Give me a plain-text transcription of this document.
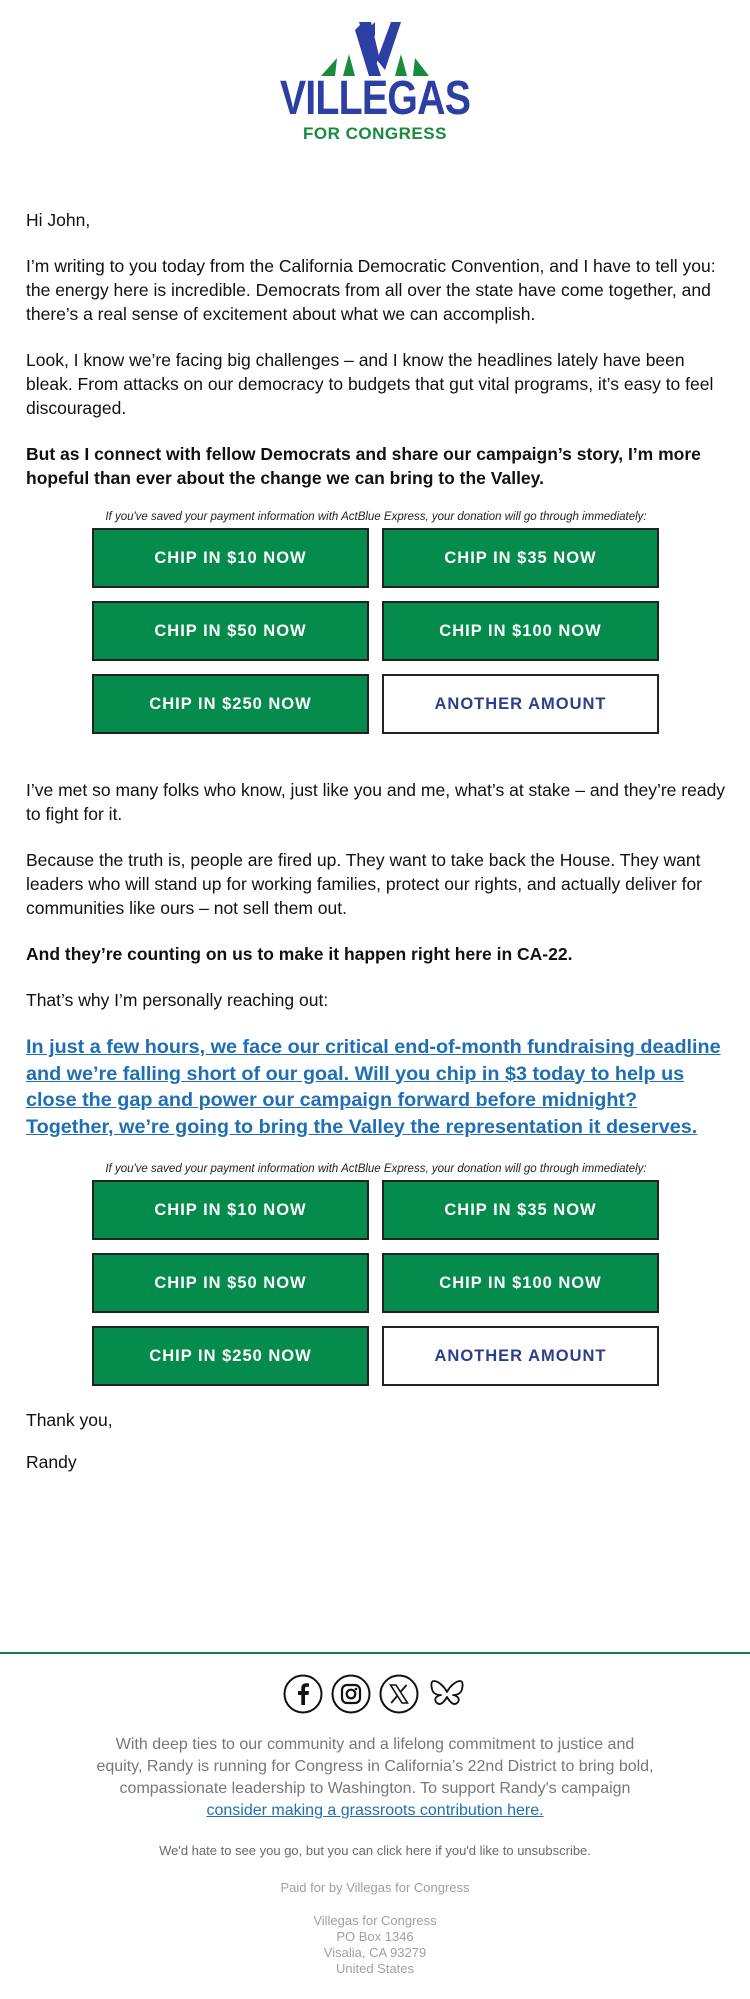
VILLEGAS
FOR CONGRESS

Hi John,

I’m writing to you today from the California Democratic Convention, and I have to tell you: the energy here is incredible. Democrats from all over the state have come together, and there’s a real sense of excitement about what we can accomplish.

Look, I know we’re facing big challenges – and I know the headlines lately have been bleak. From attacks on our democracy to budgets that gut vital programs, it’s easy to feel discouraged.

But as I connect with fellow Democrats and share our campaign’s story, I’m more hopeful than ever about the change we can bring to the Valley.

If you've saved your payment information with ActBlue Express, your donation will go through immediately:
CHIP IN $10 NOW	CHIP IN $35 NOW
CHIP IN $50 NOW	CHIP IN $100 NOW
CHIP IN $250 NOW	ANOTHER AMOUNT

I’ve met so many folks who know, just like you and me, what’s at stake – and they’re ready to fight for it.

Because the truth is, people are fired up. They want to take back the House. They want leaders who will stand up for working families, protect our rights, and actually deliver for communities like ours – not sell them out.

And they’re counting on us to make it happen right here in CA-22.

That’s why I’m personally reaching out:

In just a few hours, we face our critical end-of-month fundraising deadline and we’re falling short of our goal. Will you chip in $3 today to help us close the gap and power our campaign forward before midnight? Together, we’re going to bring the Valley the representation it deserves.
If you've saved your payment information with ActBlue Express, your donation will go through immediately:
CHIP IN $10 NOW	CHIP IN $35 NOW
CHIP IN $50 NOW	CHIP IN $100 NOW
CHIP IN $250 NOW	ANOTHER AMOUNT

Thank you,

Randy

With deep ties to our community and a lifelong commitment to justice and equity, Randy is running for Congress in California’s 22nd District to bring bold, compassionate leadership to Washington. To support Randy's campaign consider making a grassroots contribution here.
We'd hate to see you go, but you can click here if you'd like to unsubscribe.
Paid for by Villegas for Congress
Villegas for Congress
PO Box 1346
Visalia, CA 93279
United States
